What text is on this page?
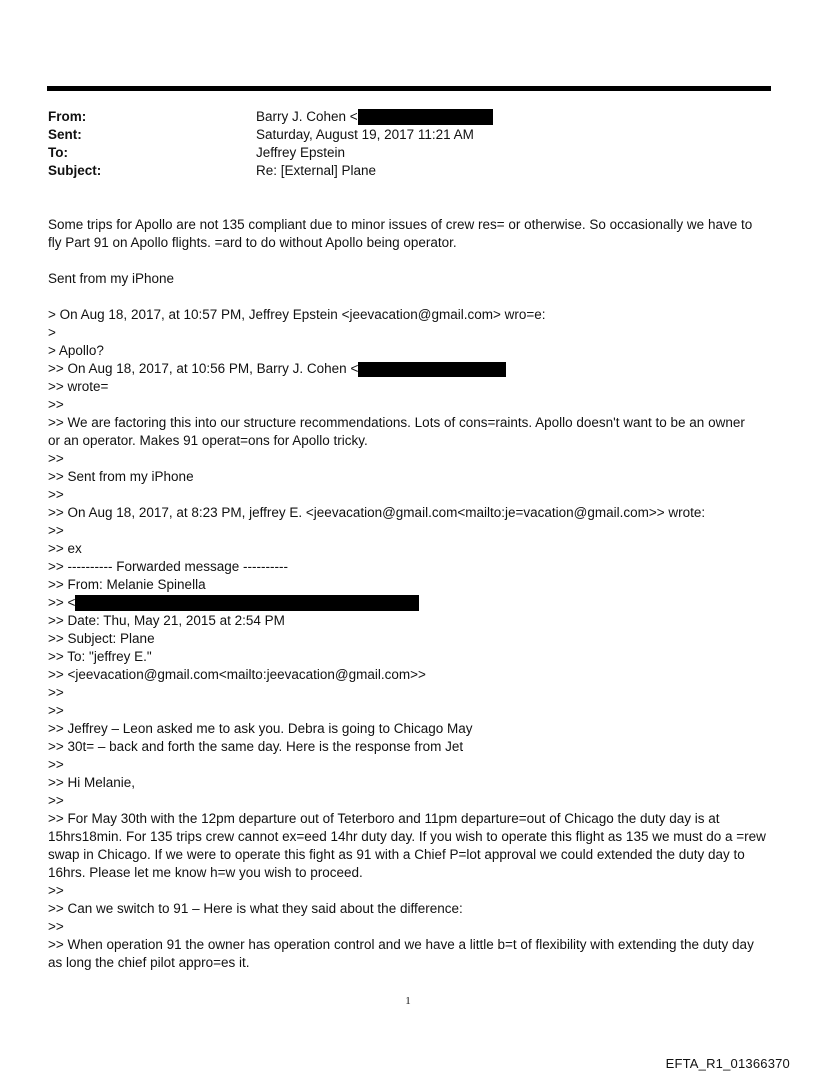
From:	Barry J. Cohen <
Sent:	Saturday, August 19, 2017 11:21 AM
To:	Jeffrey Epstein
Subject:	Re: [External] Plane
Some trips for Apollo are not 135 compliant due to minor issues of crew res= or otherwise. So occasionally we have to
fly Part 91 on Apollo flights. =ard to do without Apollo being operator.
Sent from my iPhone
> On Aug 18, 2017, at 10:57 PM, Jeffrey Epstein <jeevacation@gmail.com> wro=e:
>
> Apollo?
>> On Aug 18, 2017, at 10:56 PM, Barry J. Cohen <
>> wrote=
>>
>> We are factoring this into our structure recommendations. Lots of cons=raints. Apollo doesn't want to be an owner
or an operator. Makes 91 operat=ons for Apollo tricky.
>>
>> Sent from my iPhone
>>
>> On Aug 18, 2017, at 8:23 PM, jeffrey E. <jeevacation@gmail.com<mailto:je=vacation@gmail.com>> wrote:
>>
>> ex
>> ---------- Forwarded message ----------
>> From: Melanie Spinella
>> <
>> Date: Thu, May 21, 2015 at 2:54 PM
>> Subject: Plane
>> To: "jeffrey E."
>> <jeevacation@gmail.com<mailto:jeevacation@gmail.com>>
>>
>>
>> Jeffrey – Leon asked me to ask you. Debra is going to Chicago May
>> 30t= – back and forth the same day. Here is the response from Jet
>>
>> Hi Melanie,
>>
>> For May 30th with the 12pm departure out of Teterboro and 11pm departure=out of Chicago the duty day is at
15hrs18min. For 135 trips crew cannot ex=eed 14hr duty day. If you wish to operate this flight as 135 we must do a =rew
swap in Chicago. If we were to operate this fight as 91 with a Chief P=lot approval we could extended the duty day to
16hrs. Please let me know h=w you wish to proceed.
>>
>> Can we switch to 91 – Here is what they said about the difference:
>>
>> When operation 91 the owner has operation control and we have a little b=t of flexibility with extending the duty day
as long the chief pilot appro=es it.
1
EFTA_R1_01366370
